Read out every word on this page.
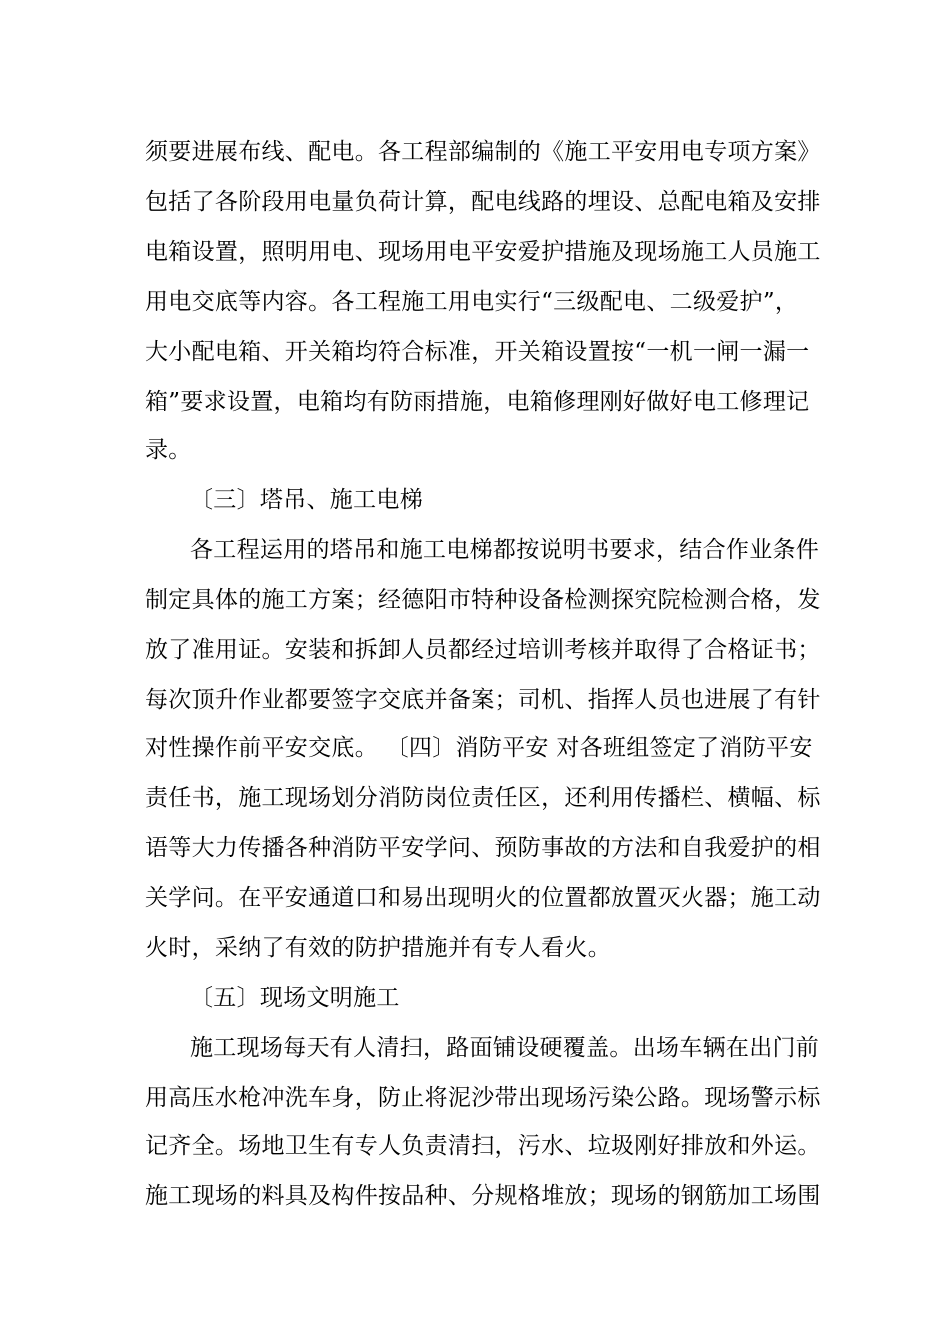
须要进展布线、配电。各工程部编制的《施工平安用电专项方案》
包括了各阶段用电量负荷计算，配电线路的埋设、总配电箱及安排
电箱设置，照明用电、现场用电平安爱护措施及现场施工人员施工
用电交底等内容。各工程施工用电实行“三级配电、二级爱护”，
大小配电箱、开关箱均符合标准，开关箱设置按“一机一闸一漏一
箱”要求设置，电箱均有防雨措施，电箱修理刚好做好电工修理记
录。
〔三〕塔吊、施工电梯
各工程运用的塔吊和施工电梯都按说明书要求，结合作业条件
制定具体的施工方案；经德阳市特种设备检测探究院检测合格，发
放了准用证。安装和拆卸人员都经过培训考核并取得了合格证书；
每次顶升作业都要签字交底并备案；司机、指挥人员也进展了有针
对性操作前平安交底。 〔四〕消防平安 对各班组签定了消防平安
责任书，施工现场划分消防岗位责任区，还利用传播栏、横幅、标
语等大力传播各种消防平安学问、预防事故的方法和自我爱护的相
关学问。在平安通道口和易出现明火的位置都放置灭火器；施工动
火时，采纳了有效的防护措施并有专人看火。
〔五〕现场文明施工
施工现场每天有人清扫，路面铺设硬覆盖。出场车辆在出门前
用高压水枪冲洗车身，防止将泥沙带出现场污染公路。现场警示标
记齐全。场地卫生有专人负责清扫，污水、垃圾刚好排放和外运。
施工现场的料具及构件按品种、分规格堆放；现场的钢筋加工场围
